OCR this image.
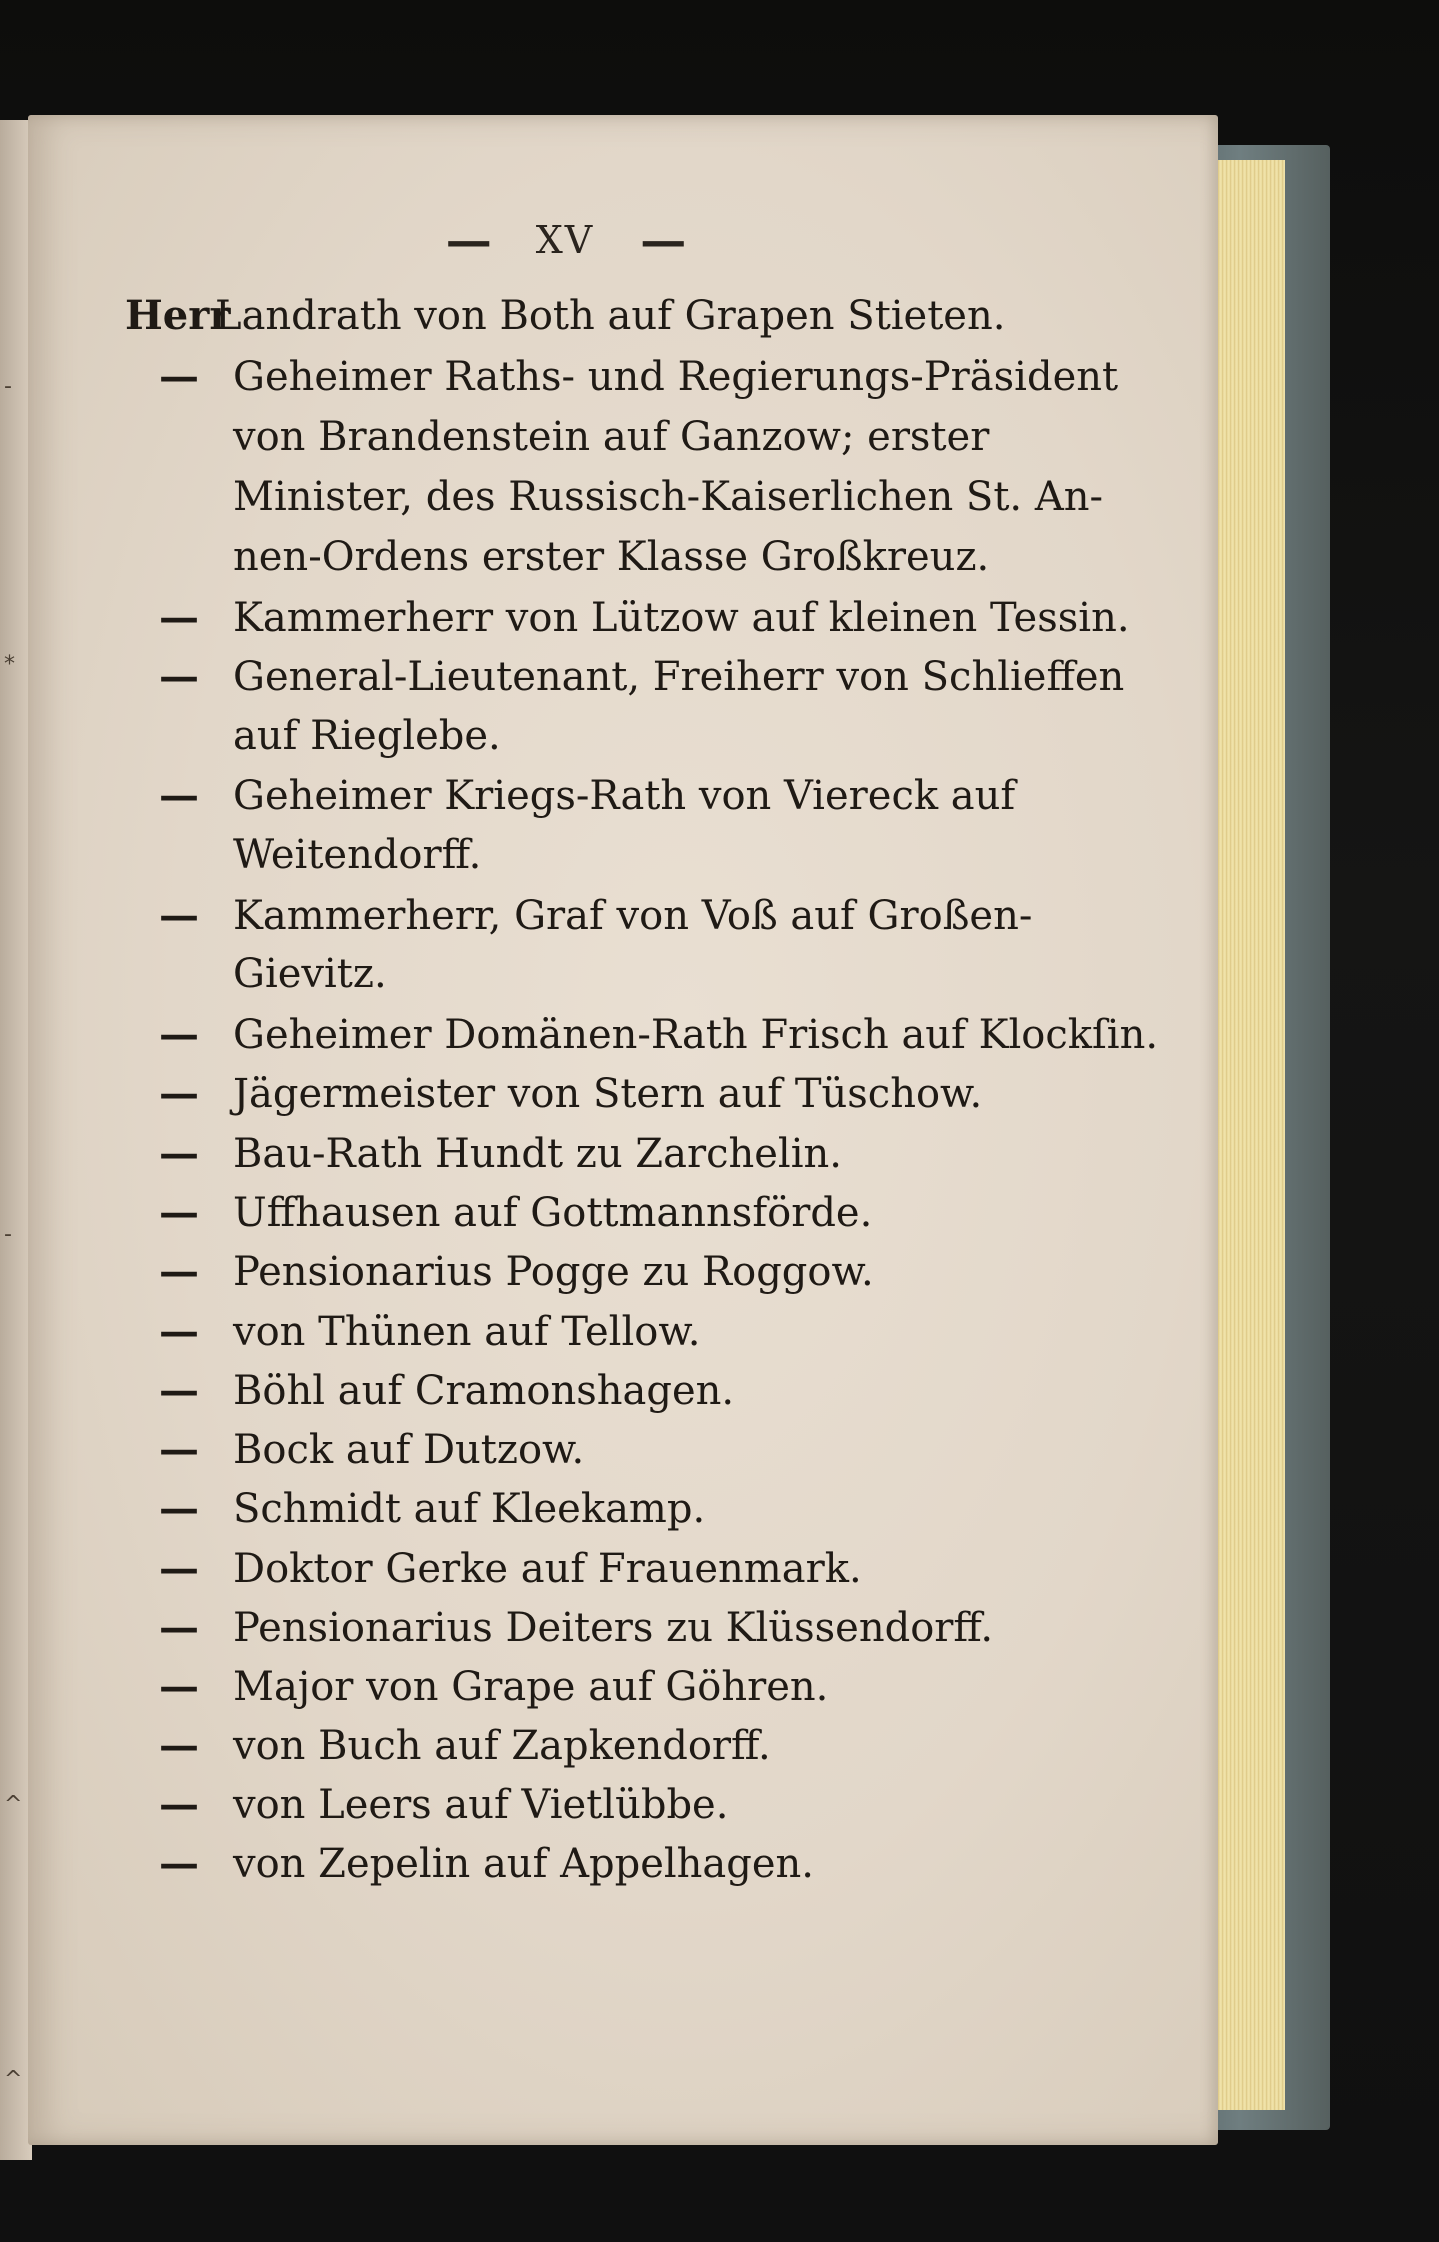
-
*
-
^
^
— XV —
Herr
Landrath von Both auf Grapen Stieten.
— Geheimer Raths- und Regierungs-Präsident
von Brandenstein auf Ganzow; erster
Minister, des Russisch-Kaiserlichen St. An-
nen-Ordens erster Klasse Großkreuz.
— Kammerherr von Lützow auf kleinen Tessin.
— General-Lieutenant, Freiherr von Schlieffen
auf Rieglebe.
— Geheimer Kriegs-Rath von Viereck auf
Weitendorff.
— Kammerherr, Graf von Voß auf Großen-
Gievitz.
— Geheimer Domänen-Rath Frisch auf Klockſin.
— Jägermeister von Stern auf Tüschow.
— Bau-Rath Hundt zu Zarchelin.
— Uffhausen auf Gottmannsförde.
— Pensionarius Pogge zu Roggow.
— von Thünen auf Tellow.
— Böhl auf Cramonshagen.
— Bock auf Dutzow.
— Schmidt auf Kleekamp.
— Doktor Gerke auf Frauenmark.
— Pensionarius Deiters zu Klüssendorff.
— Major von Grape auf Göhren.
— von Buch auf Zapkendorff.
— von Leers auf Vietlübbe.
— von Zepelin auf Appelhagen.
